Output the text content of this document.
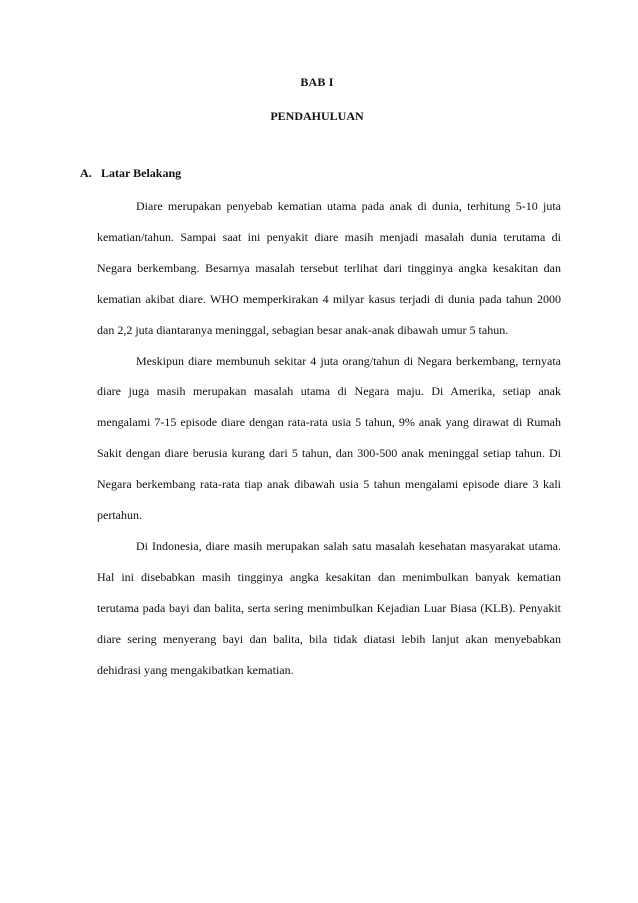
BAB I
PENDAHULUAN
A. Latar Belakang

Diare merupakan penyebab kematian utama pada anak di dunia, terhitung 5-10 juta kematian/tahun. Sampai saat ini penyakit diare masih menjadi masalah dunia terutama di Negara berkembang. Besarnya masalah tersebut terlihat dari tingginya angka kesakitan dan kematian akibat diare. WHO memperkirakan 4 milyar kasus terjadi di dunia pada tahun 2000 dan 2,2 juta diantaranya meninggal, sebagian besar anak-anak dibawah umur 5 tahun.

Meskipun diare membunuh sekitar 4 juta orang/tahun di Negara berkembang, ternyata diare juga masih merupakan masalah utama di Negara maju. Di Amerika, setiap anak mengalami 7-15 episode diare dengan rata-rata usia 5 tahun, 9% anak yang dirawat di Rumah Sakit dengan diare berusia kurang dari 5 tahun, dan 300-500 anak meninggal setiap tahun. Di Negara berkembang rata-rata tiap anak dibawah usia 5 tahun mengalami episode diare 3 kali pertahun.

Di Indonesia, diare masih merupakan salah satu masalah kesehatan masyarakat utama. Hal ini disebabkan masih tingginya angka kesakitan dan menimbulkan banyak kematian terutama pada bayi dan balita, serta sering menimbulkan Kejadian Luar Biasa (KLB). Penyakit diare sering menyerang bayi dan balita, bila tidak diatasi lebih lanjut akan menyebabkan dehidrasi yang mengakibatkan kematian.
